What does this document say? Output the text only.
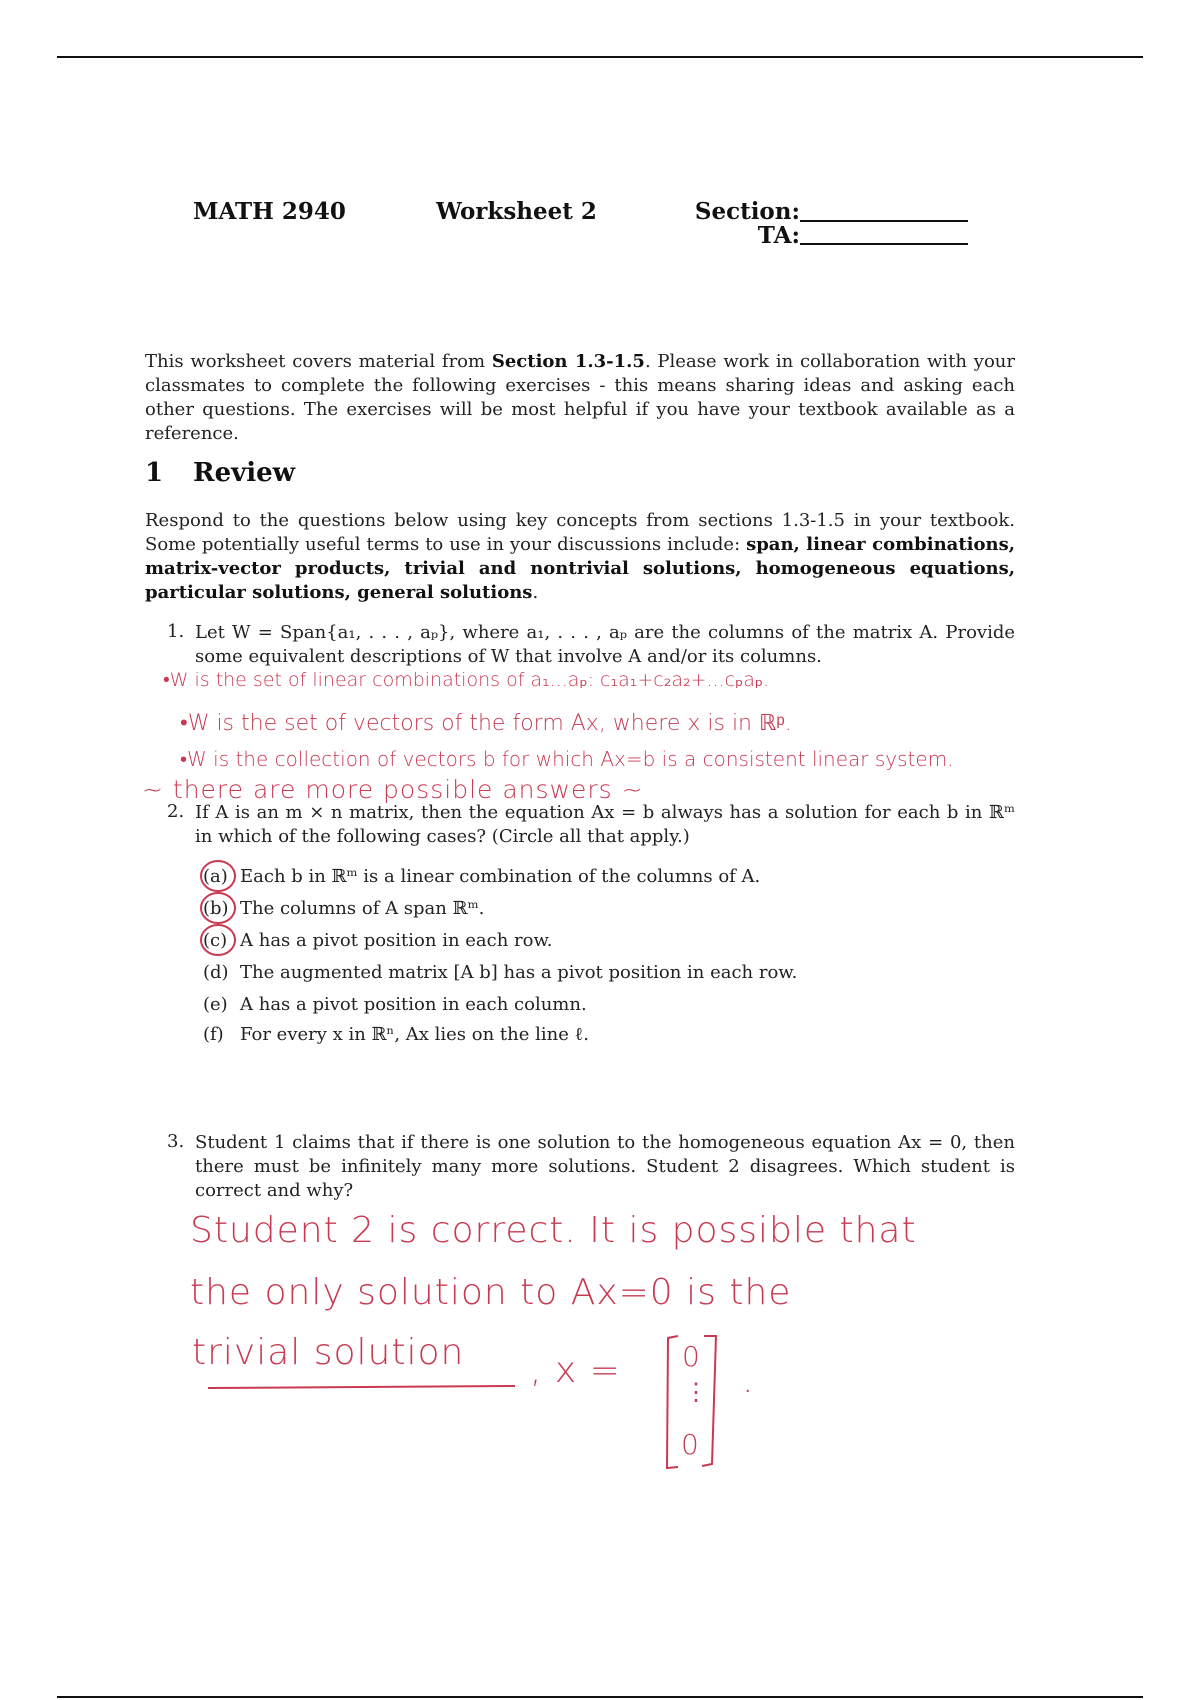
MATH 2940	Worksheet 2	Section:
TA:
This worksheet covers material from Section 1.3-1.5. Please work in collaboration with your classmates to complete the following exercises - this means sharing ideas and asking each other questions. The exercises will be most helpful if you have your textbook available as a reference.
1 Review
Respond to the questions below using key concepts from sections 1.3-1.5 in your textbook. Some potentially useful terms to use in your discussions include: span, linear combinations, matrix-vector products, trivial and nontrivial solutions, homogeneous equations, particular solutions, general solutions.
1. Let W = Span{a₁, . . . , aₚ}, where a₁, . . . , aₚ are the columns of the matrix A. Provide some equivalent descriptions of W that involve A and/or its columns.
•W is the set of linear combinations of a₁...aₚ: c₁a₁+c₂a₂+...cₚaₚ.
•W is the set of vectors of the form Ax, where x is in ℝᵖ.
•W is the collection of vectors b for which Ax=b is a consistent linear system.
~ there are more possible answers ~
2. If A is an m × n matrix, then the equation Ax = b always has a solution for each b in ℝᵐ in which of the following cases? (Circle all that apply.)
(a) Each b in ℝᵐ is a linear combination of the columns of A.
(b) The columns of A span ℝᵐ.
(c) A has a pivot position in each row.
(d) The augmented matrix [A b] has a pivot position in each row.
(e) A has a pivot position in each column.
(f) For every x in ℝⁿ, Ax lies on the line ℓ.
3. Student 1 claims that if there is one solution to the homogeneous equation Ax = 0, then there must be infinitely many more solutions. Student 2 disagrees. Which student is correct and why?
Student 2 is correct. It is possible that
the only solution to Ax=0 is the
trivial solution , x = 0
⋮
0
.
